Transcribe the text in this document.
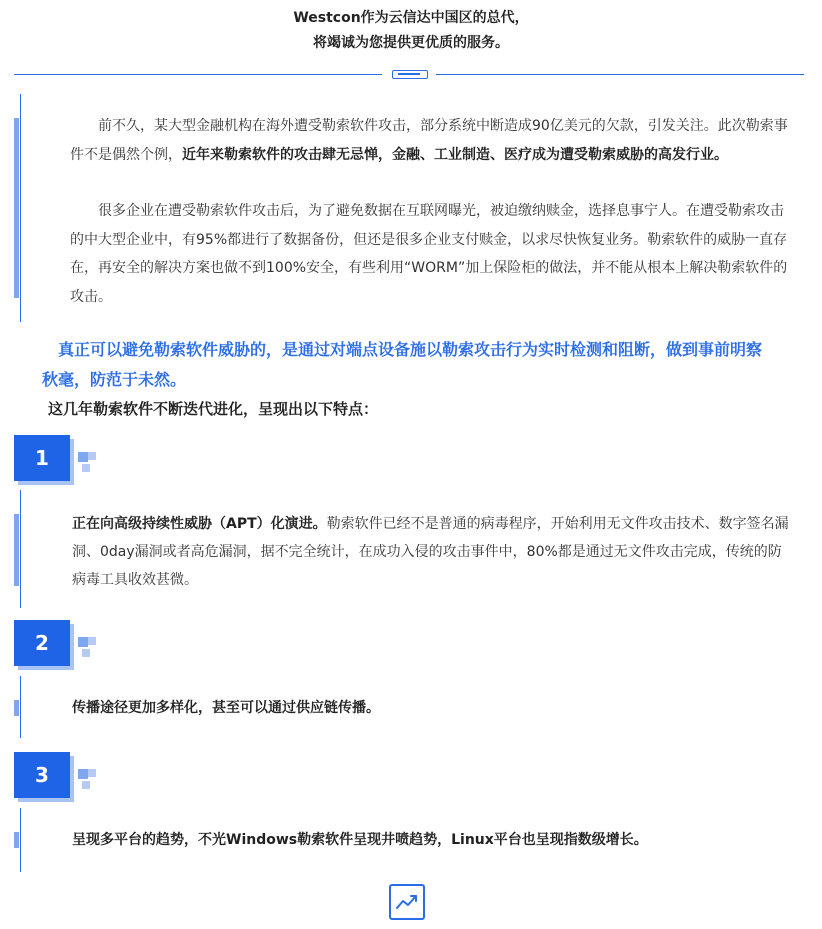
Westcon作为云信达中国区的总代，
将竭诚为您提供更优质的服务。
前不久，某大型金融机构在海外遭受勒索软件攻击，部分系统中断造成90亿美元的欠款，引发关注。此次勒索事件不是偶然个例，近年来勒索软件的攻击肆无忌惮，金融、工业制造、医疗成为遭受勒索威胁的高发行业。
很多企业在遭受勒索软件攻击后，为了避免数据在互联网曝光，被迫缴纳赎金，选择息事宁人。在遭受勒索攻击的中大型企业中，有95%都进行了数据备份，但还是很多企业支付赎金，以求尽快恢复业务。勒索软件的威胁一直存在，再安全的解决方案也做不到100%安全，有些利用“WORM”加上保险柜的做法，并不能从根本上解决勒索软件的攻击。
真正可以避免勒索软件威胁的，是通过对端点设备施以勒索攻击行为实时检测和阻断，做到事前明察
秋毫，防范于未然。
这几年勒索软件不断迭代进化，呈现出以下特点：
1
正在向高级持续性威胁（APT）化演进。勒索软件已经不是普通的病毒程序，开始利用无文件攻击技术、数字签名漏洞、0day漏洞或者高危漏洞，据不完全统计，在成功入侵的攻击事件中，80%都是通过无文件攻击完成，传统的防病毒工具收效甚微。
2
传播途径更加多样化，甚至可以通过供应链传播。
3
呈现多平台的趋势，不光Windows勒索软件呈现井喷趋势，Linux平台也呈现指数级增长。
